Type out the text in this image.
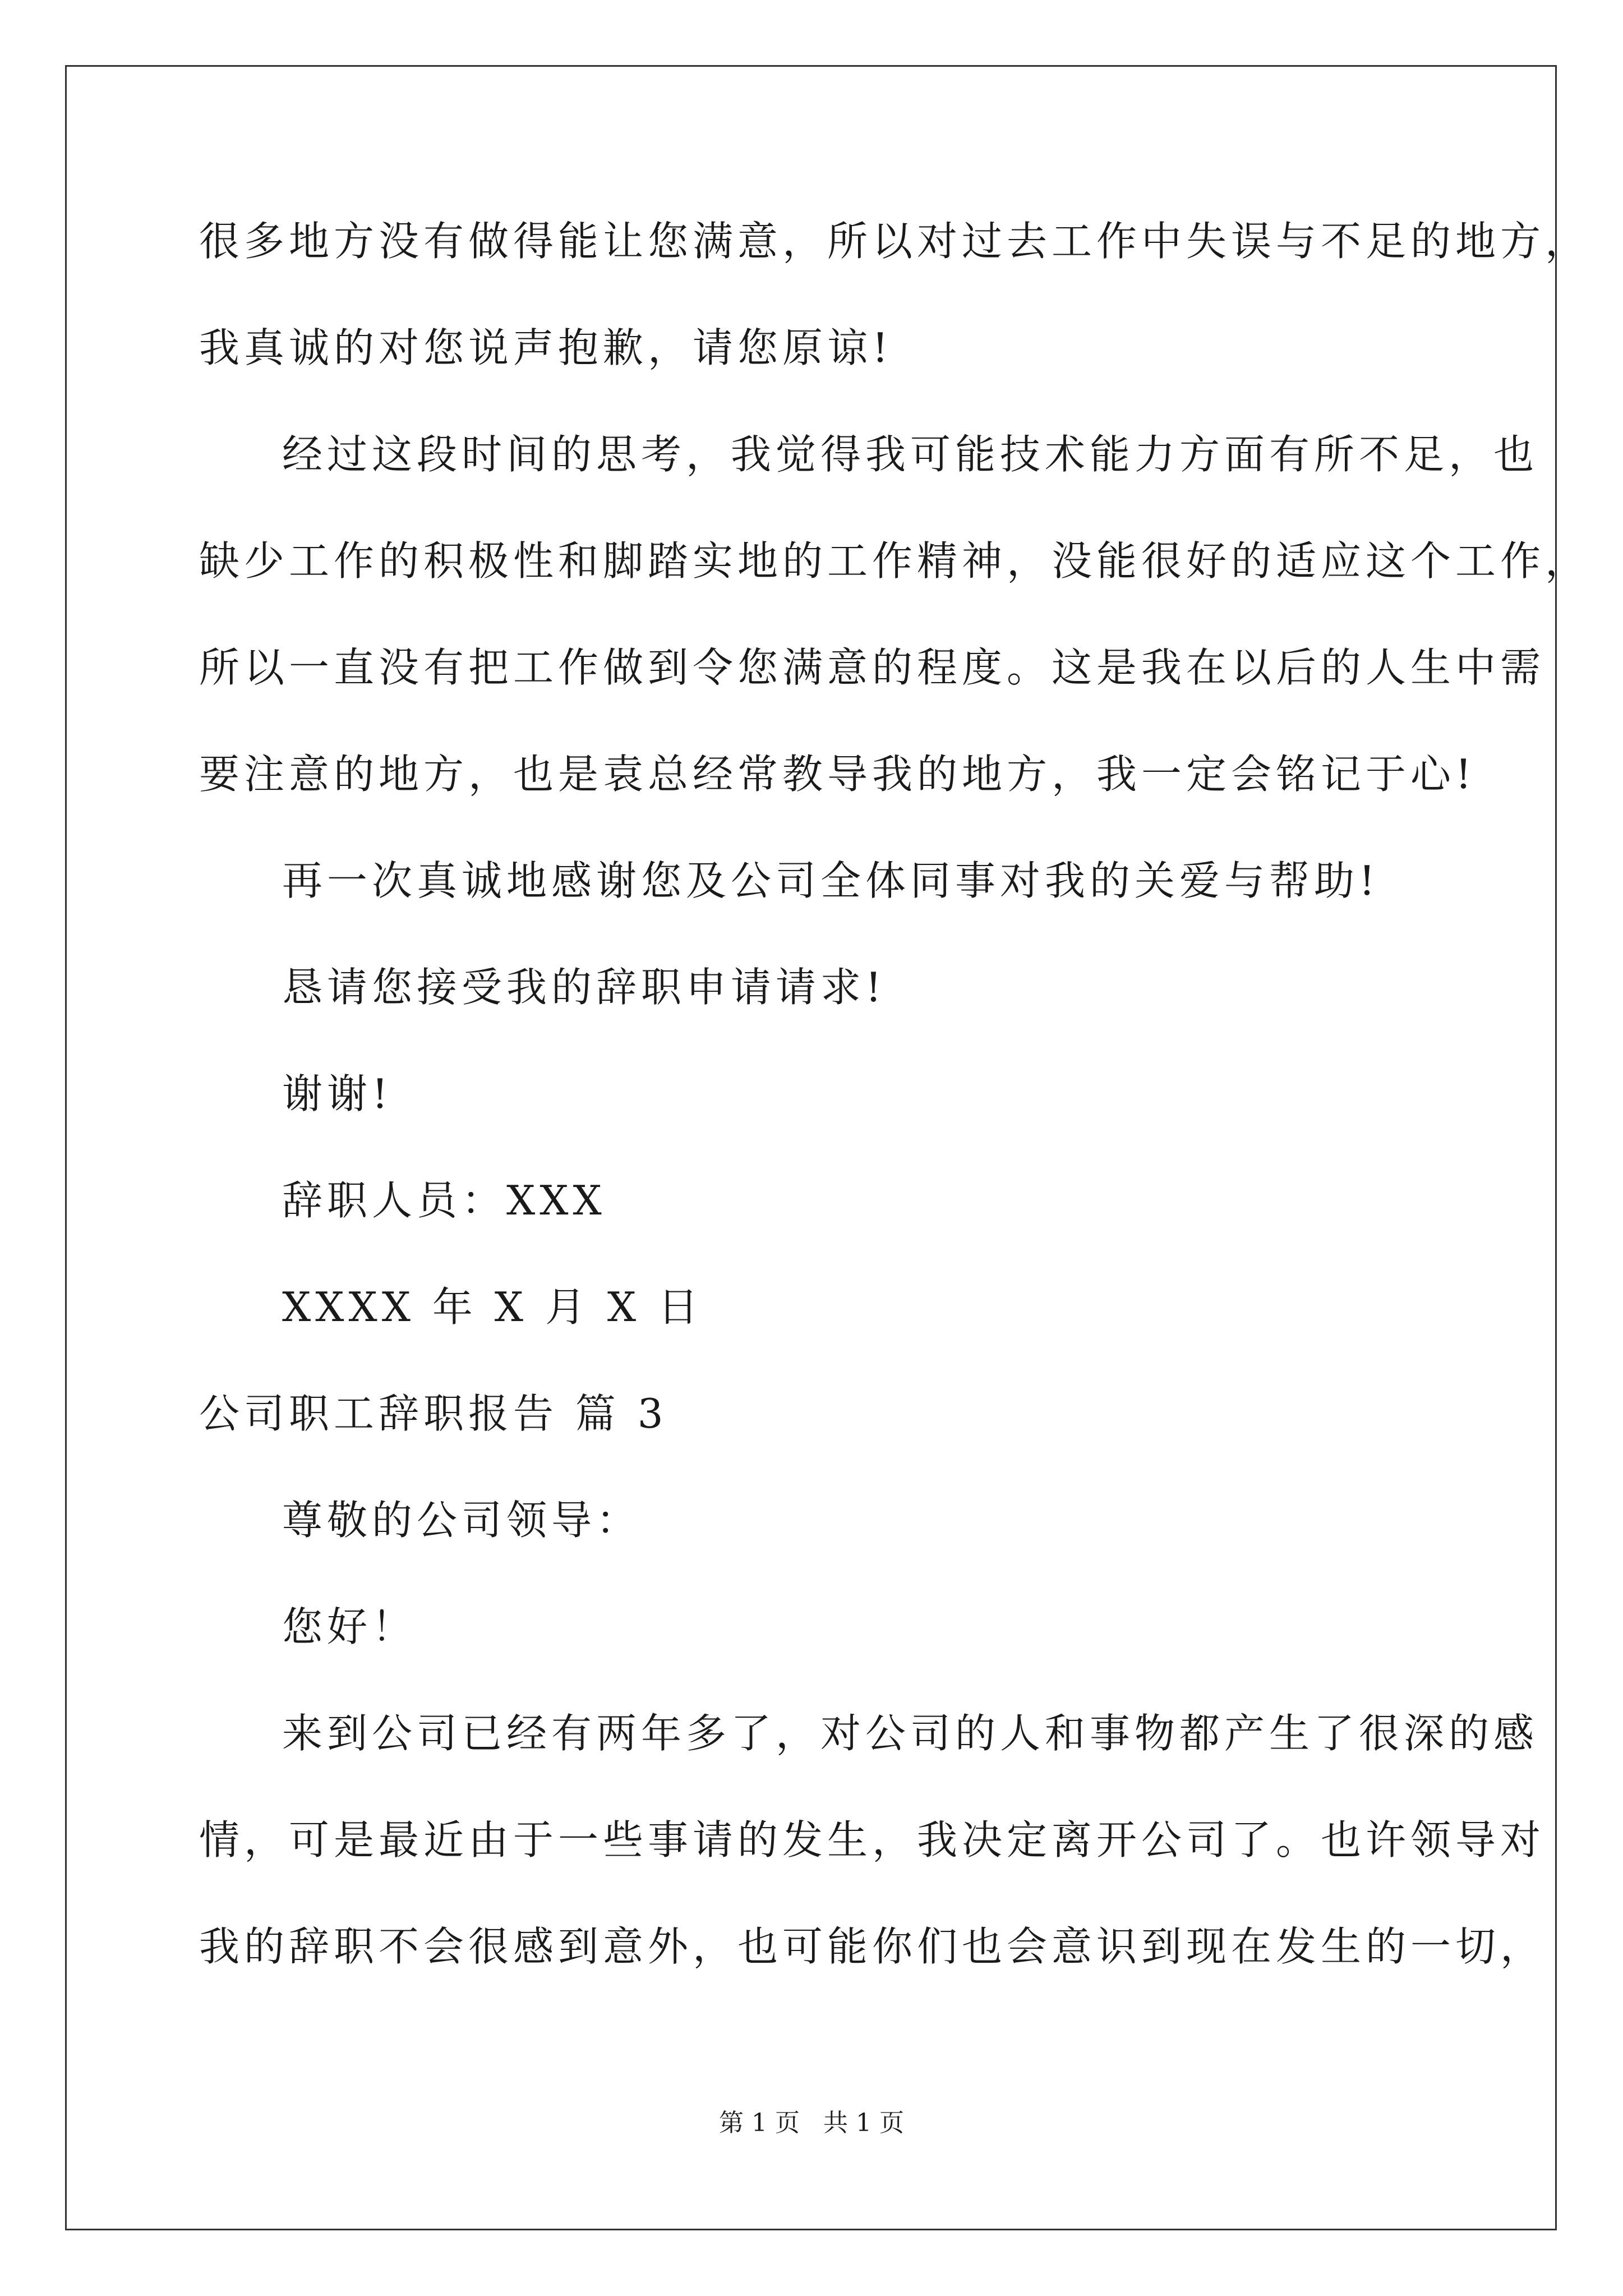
很多地方没有做得能让您满意，所以对过去工作中失误与不足的地方，
我真诚的对您说声抱歉，请您原谅!
经过这段时间的思考，我觉得我可能技术能力方面有所不足，也
缺少工作的积极性和脚踏实地的工作精神，没能很好的适应这个工作，
所以一直没有把工作做到令您满意的程度。这是我在以后的人生中需
要注意的地方，也是袁总经常教导我的地方，我一定会铭记于心!
再一次真诚地感谢您及公司全体同事对我的关爱与帮助!
恳请您接受我的辞职申请请求!
谢谢!
辞职人员：XXX
XXXX 年 X 月 X 日
公司职工辞职报告 篇 3
尊敬的公司领导：
您好！
来到公司已经有两年多了，对公司的人和事物都产生了很深的感
情，可是最近由于一些事请的发生，我决定离开公司了。也许领导对
我的辞职不会很感到意外，也可能你们也会意识到现在发生的一切，
第 1 页   共 1 页
